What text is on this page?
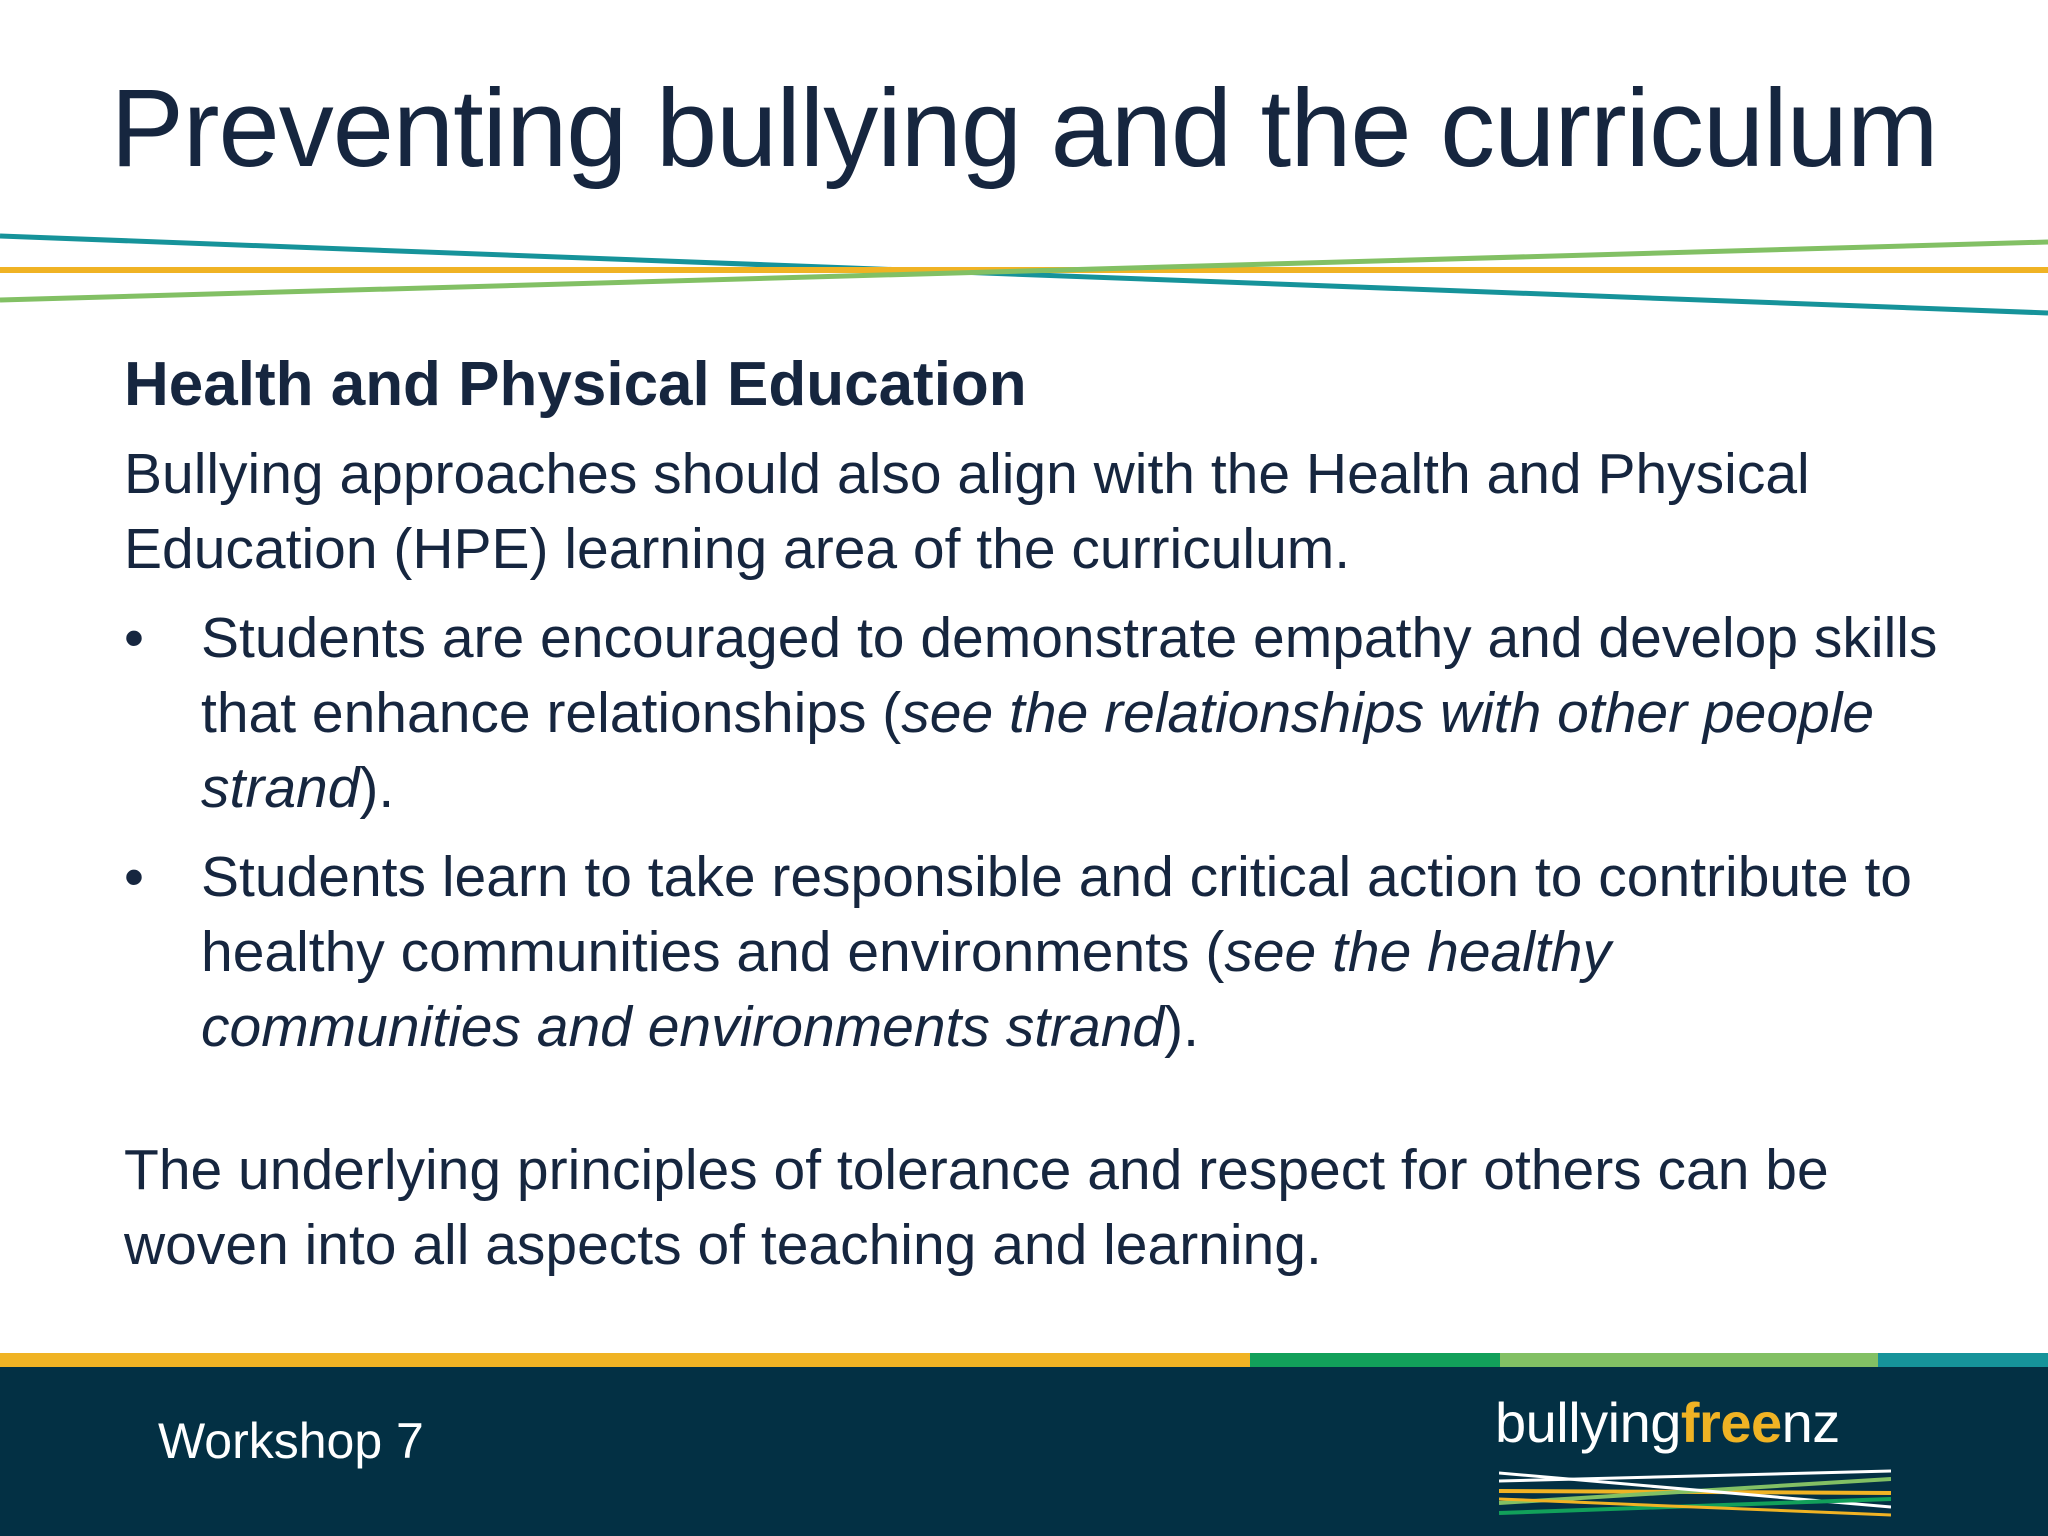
Preventing bullying and the curriculum
Health and Physical Education

Bullying approaches should also align with the Health and Physical Education (HPE) learning area of the curriculum.

• Students are encouraged to demonstrate empathy and develop skills that enhance relationships (see the relationships with other people strand).
• Students learn to take responsible and critical action to contribute to healthy communities and environments (see the healthy communities and environments strand).

The underlying principles of tolerance and respect for others can be woven into all aspects of teaching and learning.

Workshop 7	bullyingfreenz
